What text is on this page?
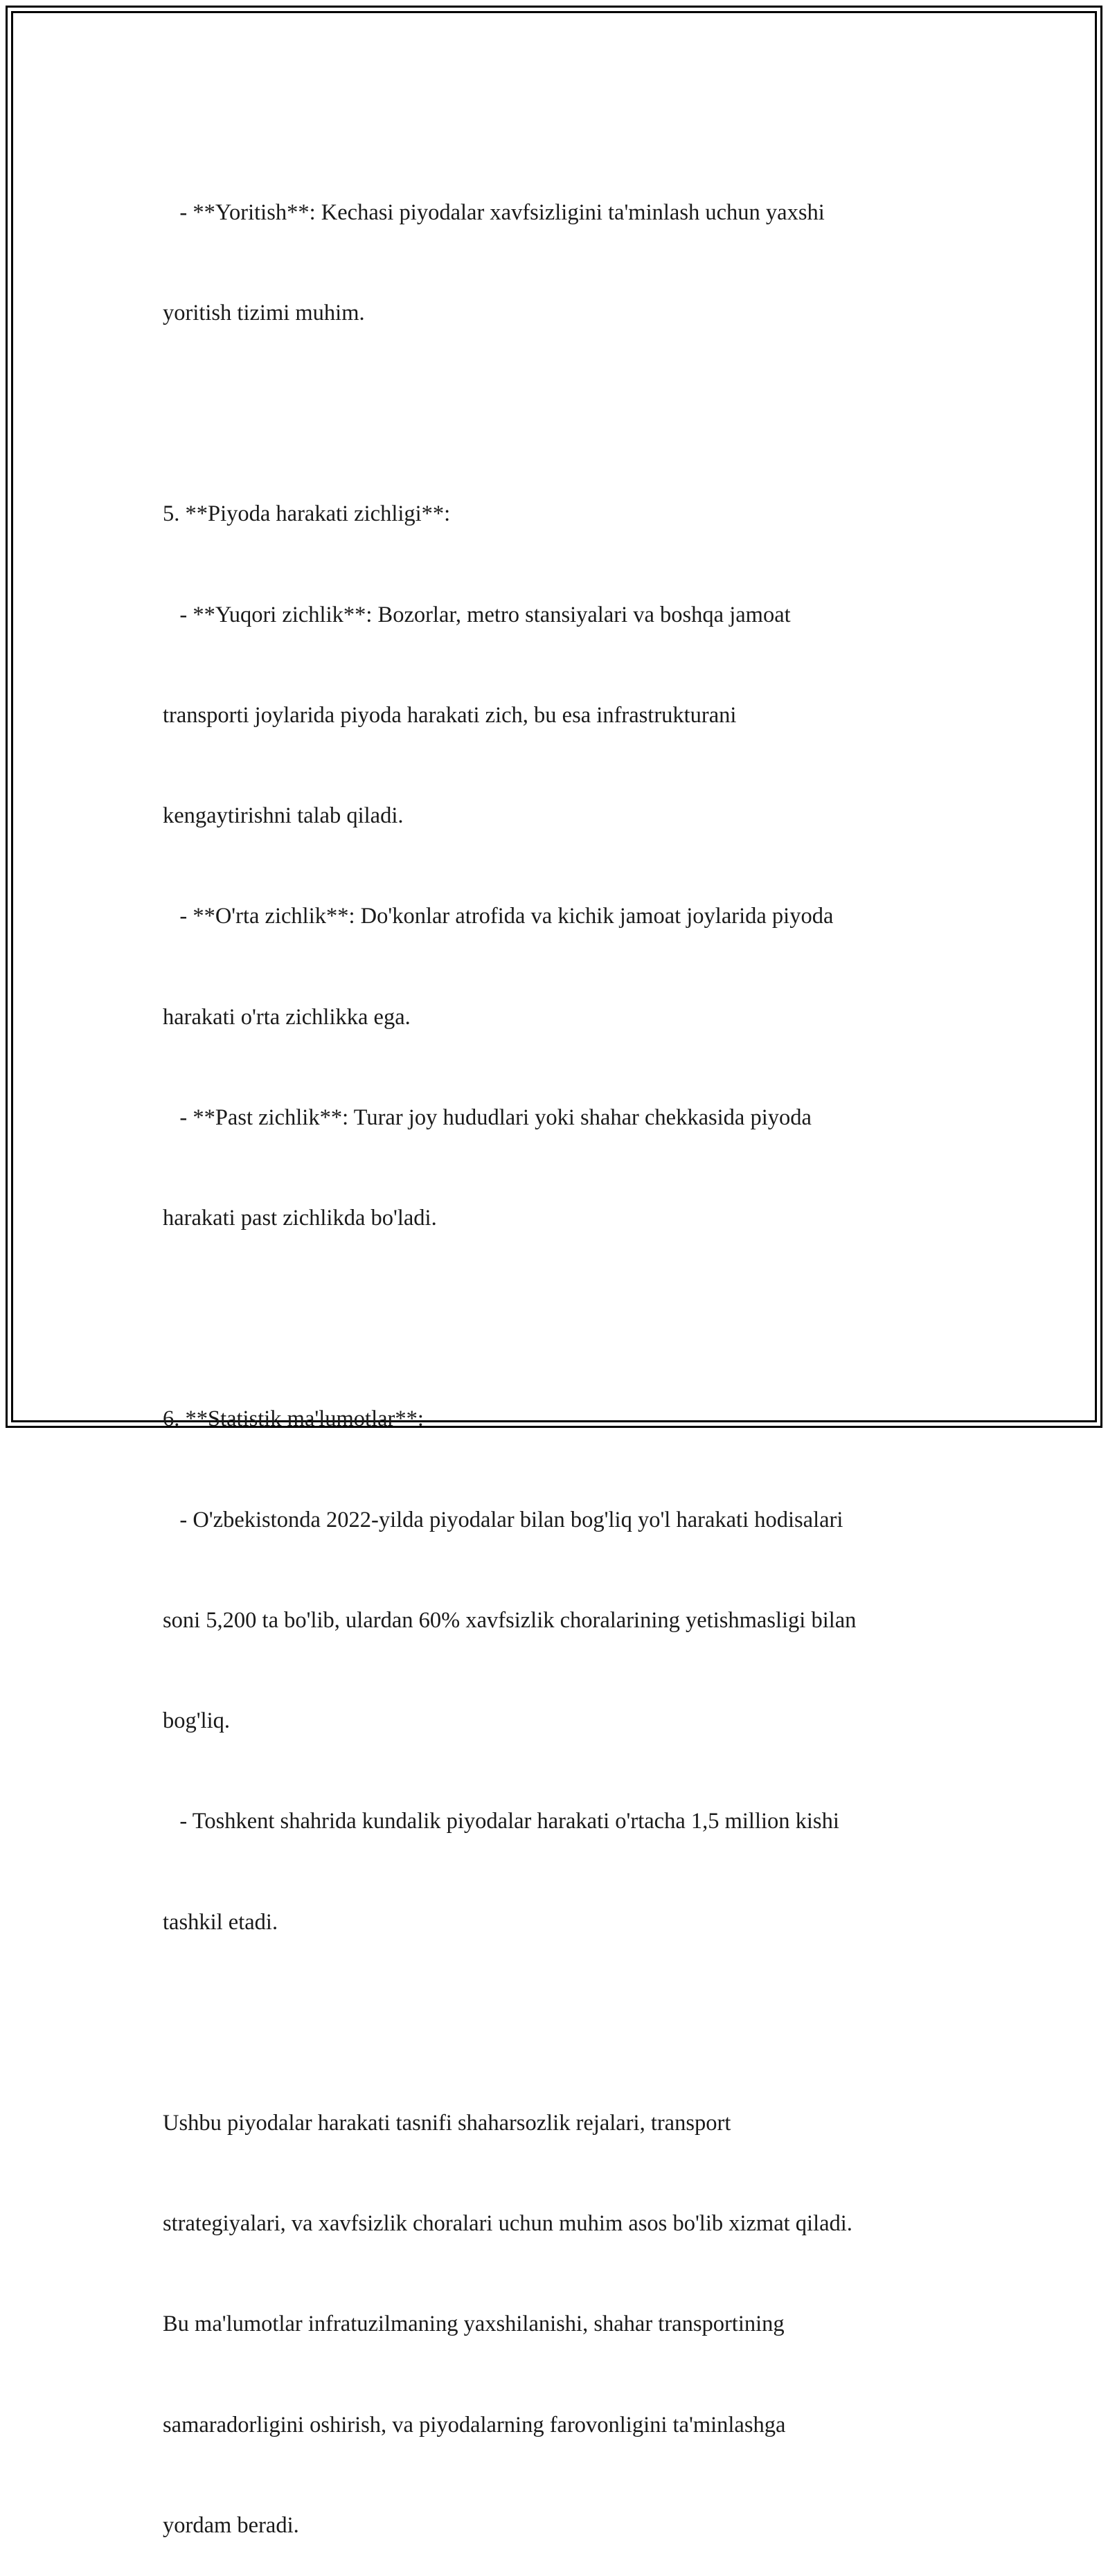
- **Yoritish**: Kechasi piyodalar xavfsizligini ta'minlash uchun yaxshi

yoritish tizimi muhim.

5. **Piyoda harakati zichligi**:

- **Yuqori zichlik**: Bozorlar, metro stansiyalari va boshqa jamoat

transporti joylarida piyoda harakati zich, bu esa infrastrukturani

kengaytirishni talab qiladi.

- **O'rta zichlik**: Do'konlar atrofida va kichik jamoat joylarida piyoda

harakati o'rta zichlikka ega.

- **Past zichlik**: Turar joy hududlari yoki shahar chekkasida piyoda

harakati past zichlikda bo'ladi.

6. **Statistik ma'lumotlar**:

- O'zbekistonda 2022-yilda piyodalar bilan bog'liq yo'l harakati hodisalari

soni 5,200 ta bo'lib, ulardan 60% xavfsizlik choralarining yetishmasligi bilan

bog'liq.

- Toshkent shahrida kundalik piyodalar harakati o'rtacha 1,5 million kishi

tashkil etadi.

Ushbu piyodalar harakati tasnifi shaharsozlik rejalari, transport

strategiyalari, va xavfsizlik choralari uchun muhim asos bo'lib xizmat qiladi.

Bu ma'lumotlar infratuzilmaning yaxshilanishi, shahar transportining

samaradorligini oshirish, va piyodalarning farovonligini ta'minlashga

yordam beradi.
